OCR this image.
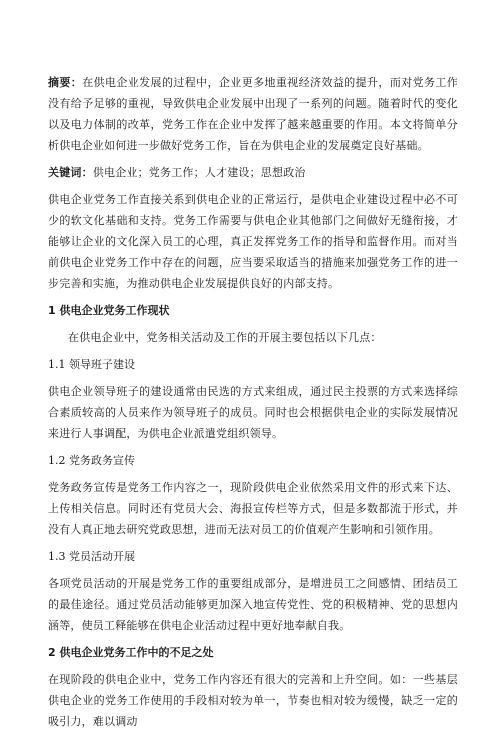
摘要：在供电企业发展的过程中，企业更多地重视经济效益的提升，而对党务工作没有给予足够的重视，导致供电企业发展中出现了一系列的问题。随着时代的变化以及电力体制的改革，党务工作在企业中发挥了越来越重要的作用。本文将简单分析供电企业如何进一步做好党务工作，旨在为供电企业的发展奠定良好基础。

关键词：供电企业；党务工作；人才建设；思想政治

供电企业党务工作直接关系到供电企业的正常运行，是供电企业建设过程中必不可少的软文化基础和支持。党务工作需要与供电企业其他部门之间做好无缝衔接，才能够让企业的文化深入员工的心理，真正发挥党务工作的指导和监督作用。而对当前供电企业党务工作中存在的问题，应当要采取适当的措施来加强党务工作的进一步完善和实施，为推动供电企业发展提供良好的内部支持。

1 供电企业党务工作现状

在供电企业中，党务相关活动及工作的开展主要包括以下几点：

1.1 领导班子建设

供电企业领导班子的建设通常由民选的方式来组成，通过民主投票的方式来选择综合素质较高的人员来作为领导班子的成员。同时也会根据供电企业的实际发展情况来进行人事调配，为供电企业派遣党组织领导。

1.2 党务政务宣传

党务政务宣传是党务工作内容之一，现阶段供电企业依然采用文件的形式来下达、上传相关信息。同时还有党员大会、海报宣传栏等方式，但是多数都流于形式，并没有人真正地去研究党政思想，进而无法对员工的价值观产生影响和引领作用。

1.3 党员活动开展

各项党员活动的开展是党务工作的重要组成部分，是增进员工之间感情、团结员工的最佳途径。通过党员活动能够更加深入地宣传党性、党的积极精神、党的思想内涵等，使员工释能够在供电企业活动过程中更好地奉献自我。

2 供电企业党务工作中的不足之处

在现阶段的供电企业中，党务工作内容还有很大的完善和上升空间。如：一些基层供电企业的党务工作使用的手段相对较为单一，节奏也相对较为缓慢，缺乏一定的吸引力，难以调动
